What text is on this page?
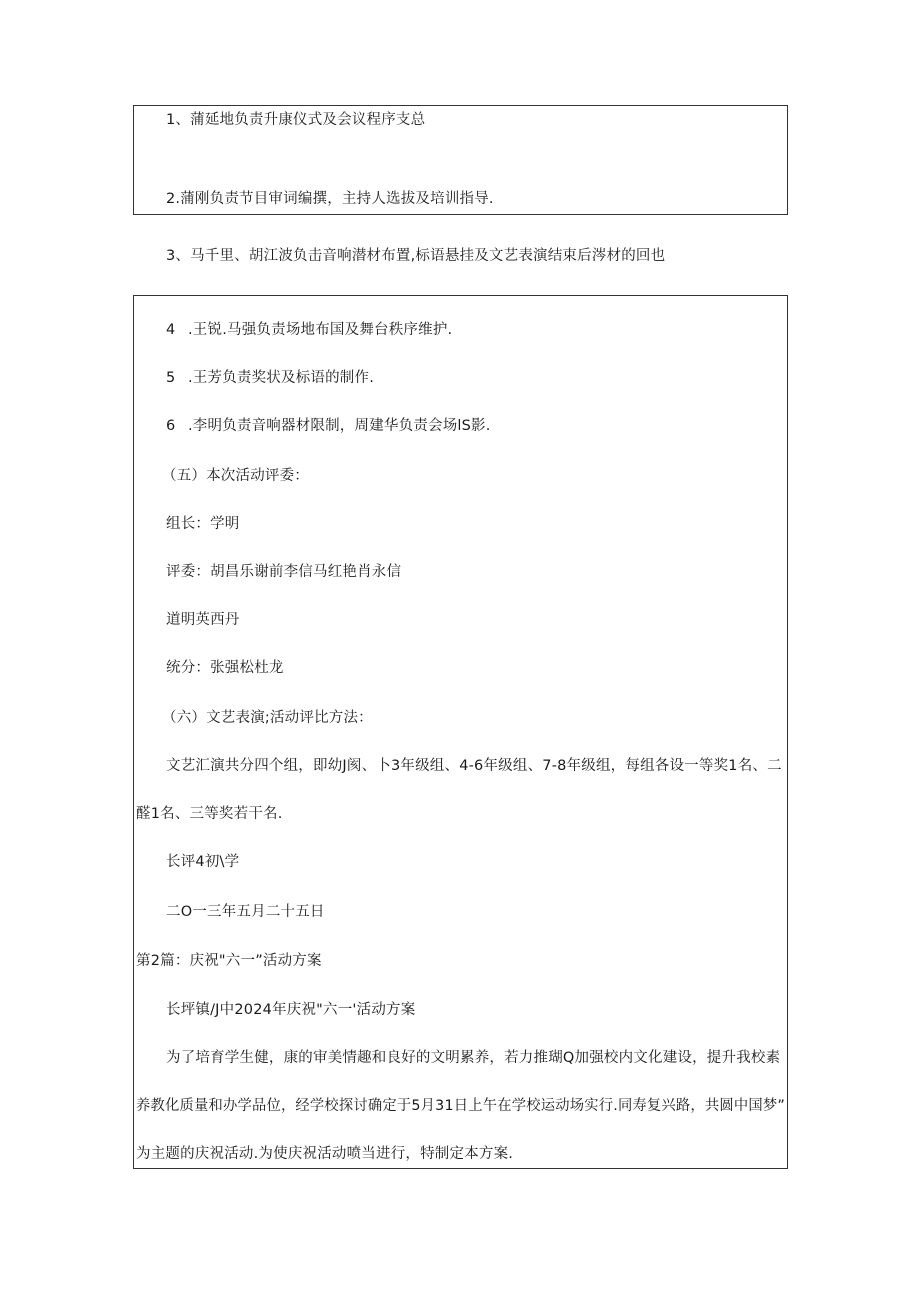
1、蒲延地负责升康仪式及会议程序支总
2.蒲刚负责节目审词编撰，主持人选拔及培训指导.
3、马千里、胡江波负击音响潜材布置,标语悬挂及文艺表演结束后涔材的回也
4 .王锐.马强负责场地布国及舞台秩序维护.
5 .王芳负责奖状及标语的制作.
6 .李明负责音响器材限制，周建华负责会场lS影.
（五）本次活动评委：
组长：学明
评委：胡昌乐谢前李信马红艳肖永信
道明英西丹
统分：张强松杜龙
（六）文艺表演;活动评比方法：
文艺汇演共分四个组，即幼J阂、卜3年级组、4-6年级组、7-8年级组，每组各设一等奖1名、二
醛1名、三等奖若干名.
长评4初\学
二O一三年五月二十五日
第2篇：庆祝"六一”活动方案
长坪镇/J中2024年庆祝"六一'活动方案
为了培育学生健，康的审美情趣和良好的文明累养，若力推瑚Q加强校内文化建设，提升我校素
养教化质量和办学品位，经学校探讨确定于5月31日上午在学校运动场实行.同寿复兴路，共圆中国梦”
为主题的庆祝活动.为使庆祝活动喷当进行，特制定本方案.
